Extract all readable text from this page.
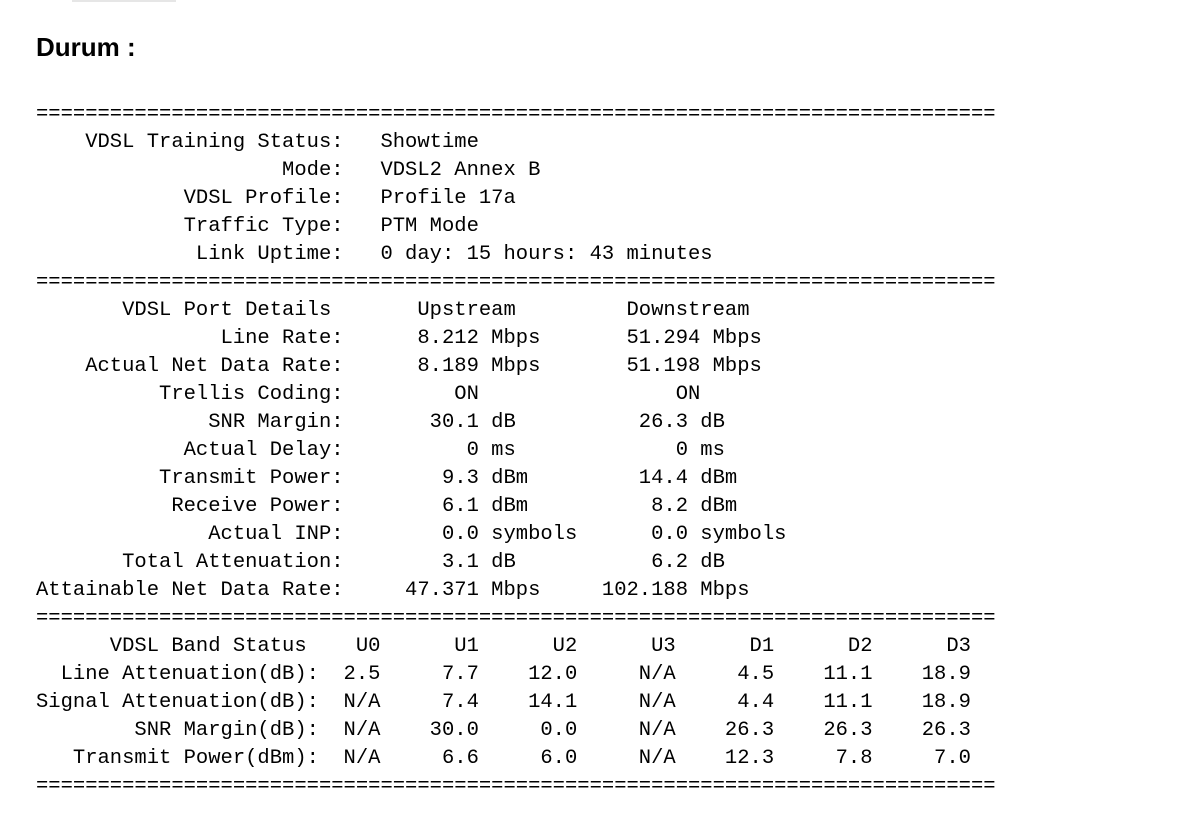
Durum :
==============================================================================
VDSL Training Status:   Showtime
Mode:   VDSL2 Annex B
VDSL Profile:   Profile 17a
Traffic Type:   PTM Mode
Link Uptime:   0 day: 15 hours: 43 minutes
==============================================================================
VDSL Port Details       Upstream         Downstream
Line Rate:      8.212 Mbps       51.294 Mbps
Actual Net Data Rate:      8.189 Mbps       51.198 Mbps
Trellis Coding:         ON                ON
SNR Margin:       30.1 dB          26.3 dB
Actual Delay:          0 ms             0 ms
Transmit Power:        9.3 dBm         14.4 dBm
Receive Power:        6.1 dBm          8.2 dBm
Actual INP:        0.0 symbols      0.0 symbols
Total Attenuation:        3.1 dB           6.2 dB
Attainable Net Data Rate:     47.371 Mbps     102.188 Mbps
==============================================================================
VDSL Band Status    U0      U1      U2      U3      D1      D2      D3
Line Attenuation(dB):  2.5     7.7    12.0     N/A     4.5    11.1    18.9
Signal Attenuation(dB):  N/A     7.4    14.1     N/A     4.4    11.1    18.9
SNR Margin(dB):  N/A    30.0     0.0     N/A    26.3    26.3    26.3
Transmit Power(dBm):  N/A     6.6     6.0     N/A    12.3     7.8     7.0
==============================================================================
